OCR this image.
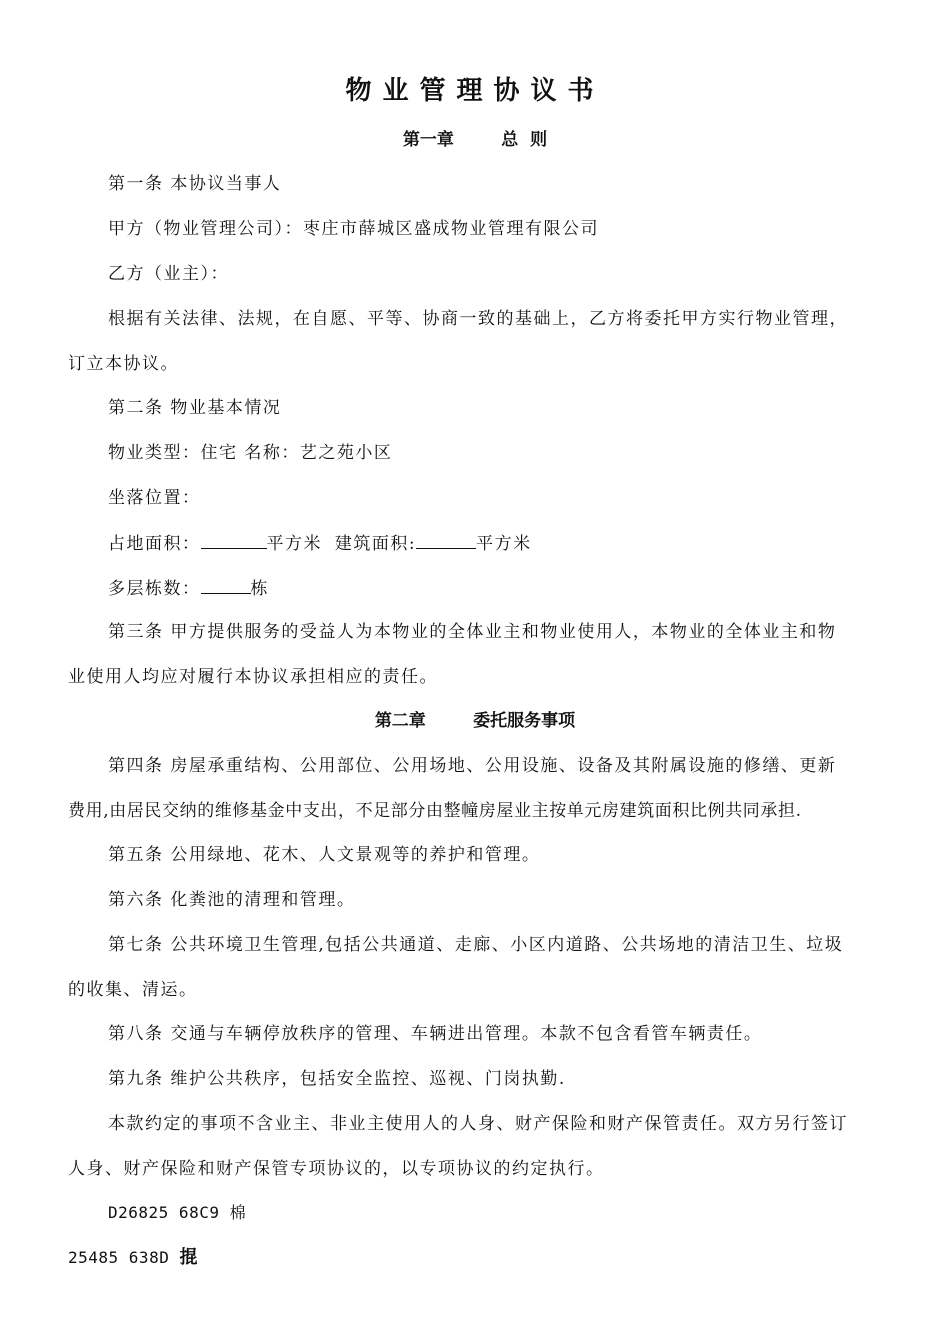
物业管理协议书
第一章        总  则
第一条 本协议当事人
甲方（物业管理公司）：枣庄市薛城区盛成物业管理有限公司
乙方（业主）：
根据有关法律、法规，在自愿、平等、协商一致的基础上，乙方将委托甲方实行物业管理，
订立本协议。
第二条 物业基本情况
物业类型：住宅 名称：艺之苑小区
坐落位置：
占地面积：	平方米 建筑面积:	平方米
多层栋数：	栋
第三条 甲方提供服务的受益人为本物业的全体业主和物业使用人，本物业的全体业主和物
业使用人均应对履行本协议承担相应的责任。
第二章        委托服务事项
第四条 房屋承重结构、公用部位、公用场地、公用设施、设备及其附属设施的修缮、更新
费用,由居民交纳的维修基金中支出，不足部分由整幢房屋业主按单元房建筑面积比例共同承担.
第五条 公用绿地、花木、人文景观等的养护和管理。
第六条 化粪池的清理和管理。
第七条 公共环境卫生管理,包括公共通道、走廊、小区内道路、公共场地的清洁卫生、垃圾
的收集、清运。
第八条 交通与车辆停放秩序的管理、车辆进出管理。本款不包含看管车辆责任。
第九条 维护公共秩序，包括安全监控、巡视、门岗执勤.
本款约定的事项不含业主、非业主使用人的人身、财产保险和财产保管责任。双方另行签订
人身、财产保险和财产保管专项协议的，以专项协议的约定执行。
D26825 68C9 棉
25485 638D 掍
